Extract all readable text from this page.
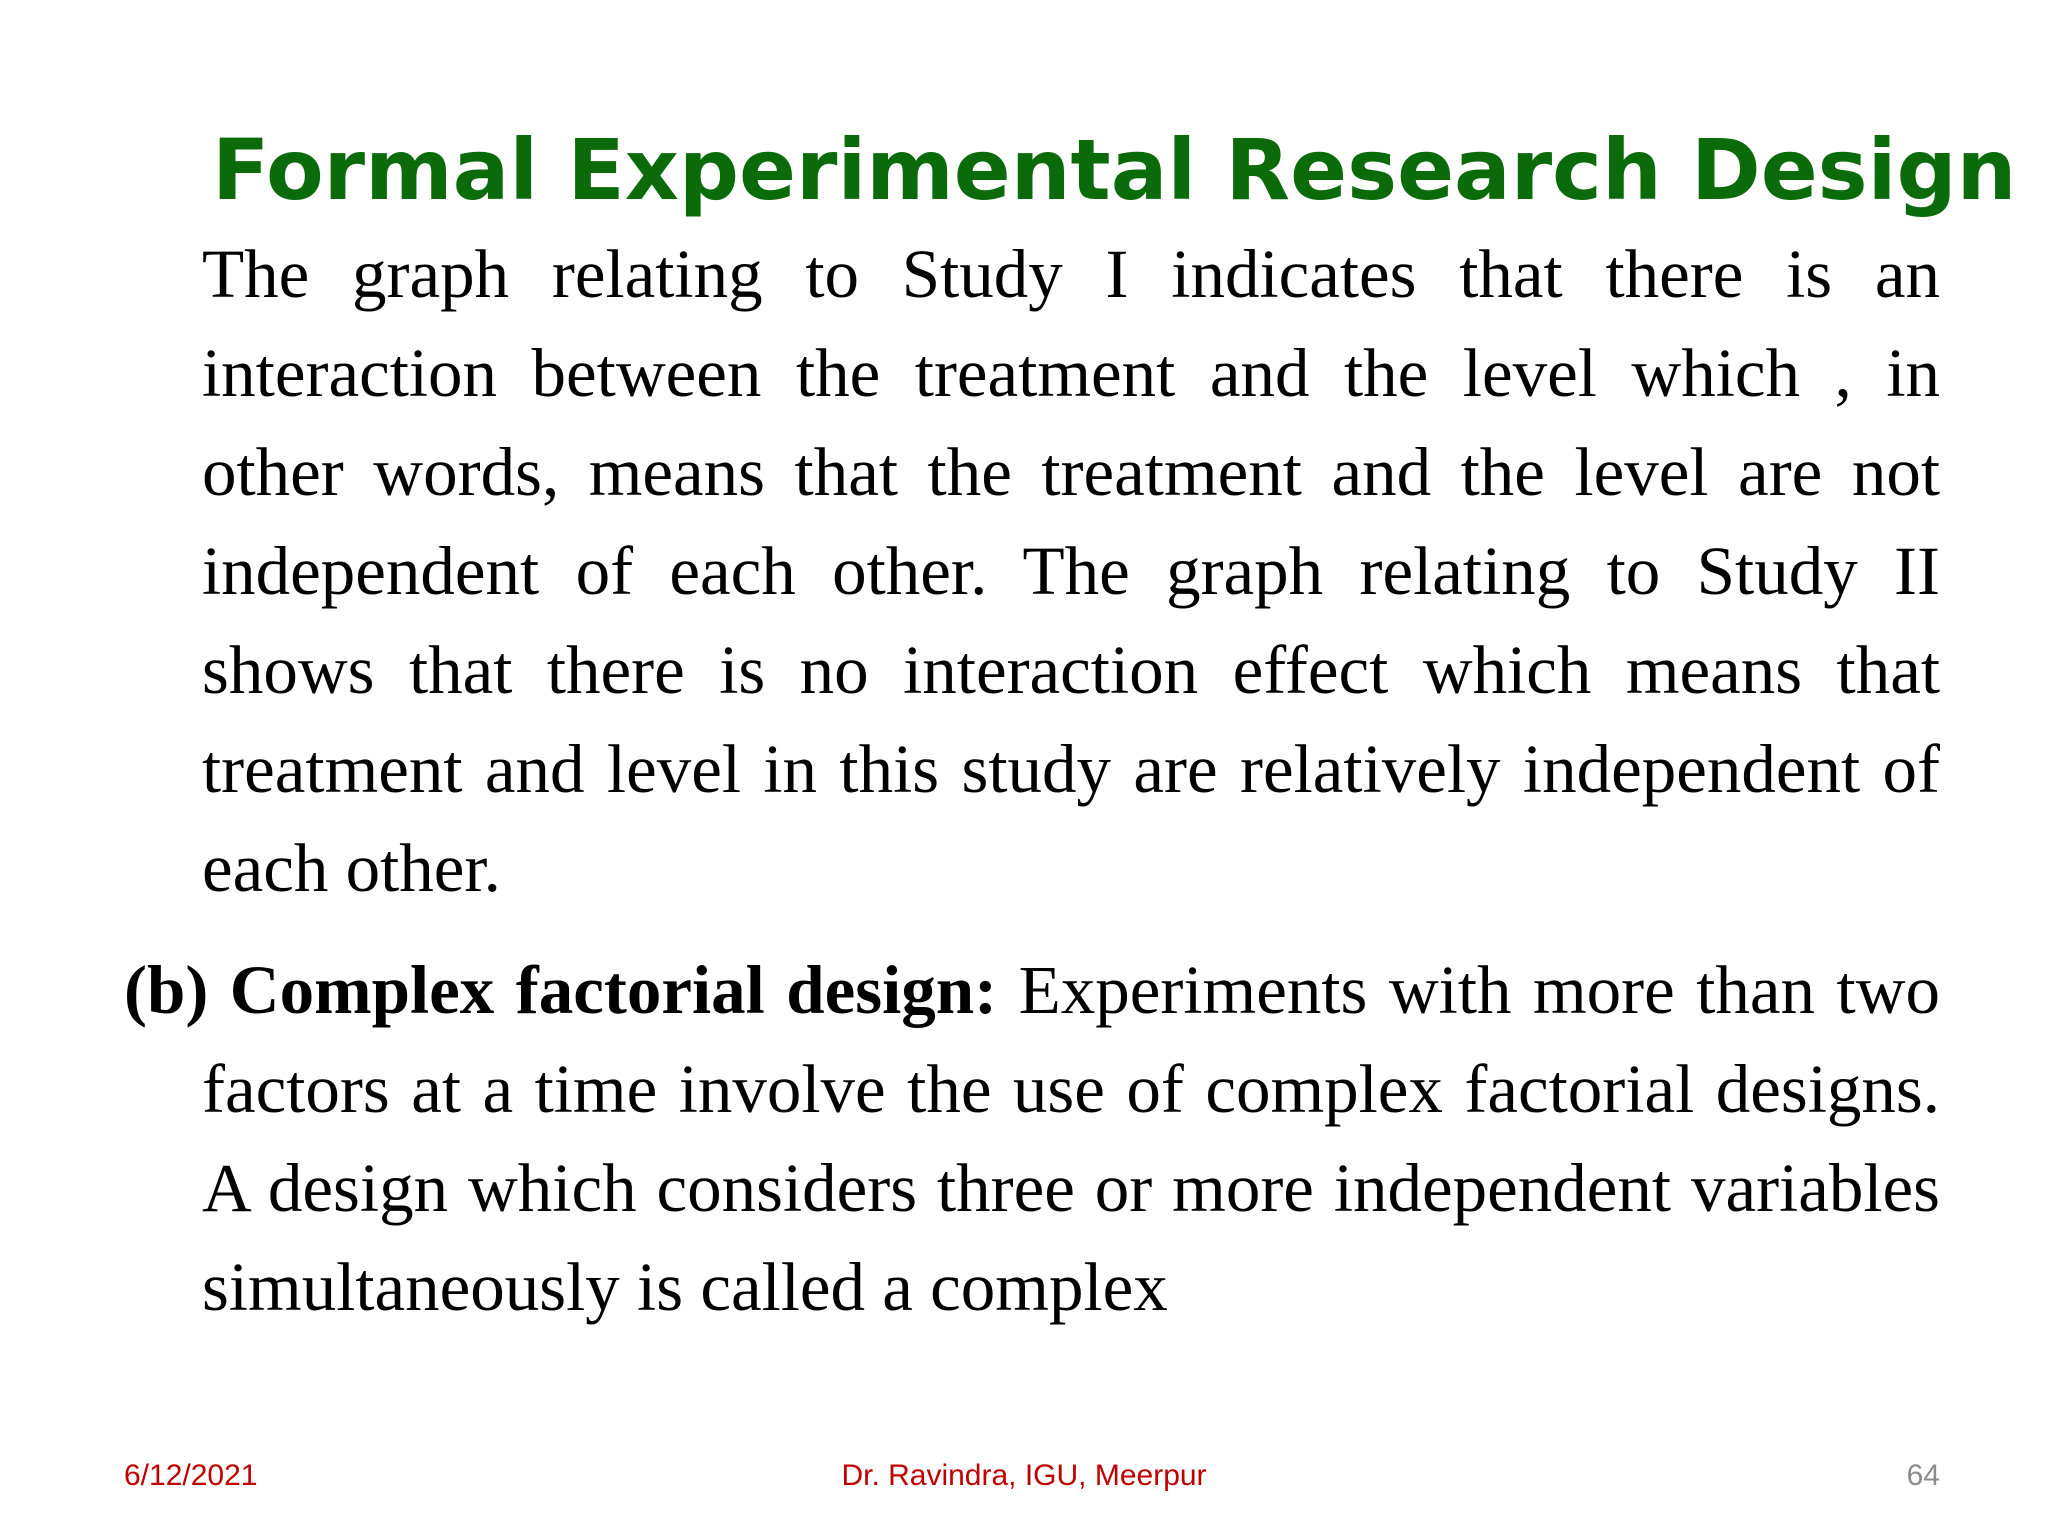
Formal Experimental Research Design
The graph relating to Study I indicates that there is an interaction between the treatment and the level which , in other words, means that the treatment and the level are not independent of each other. The graph relating to Study II shows that there is no interaction effect which means that treatment and level in this study are relatively independent of each other.
(b) Complex factorial design: Experiments with more than two factors at a time involve the use of complex factorial designs. A design which considers three or more independent variables simultaneously is called a complex
6/12/2021	Dr. Ravindra, IGU, Meerpur	64
